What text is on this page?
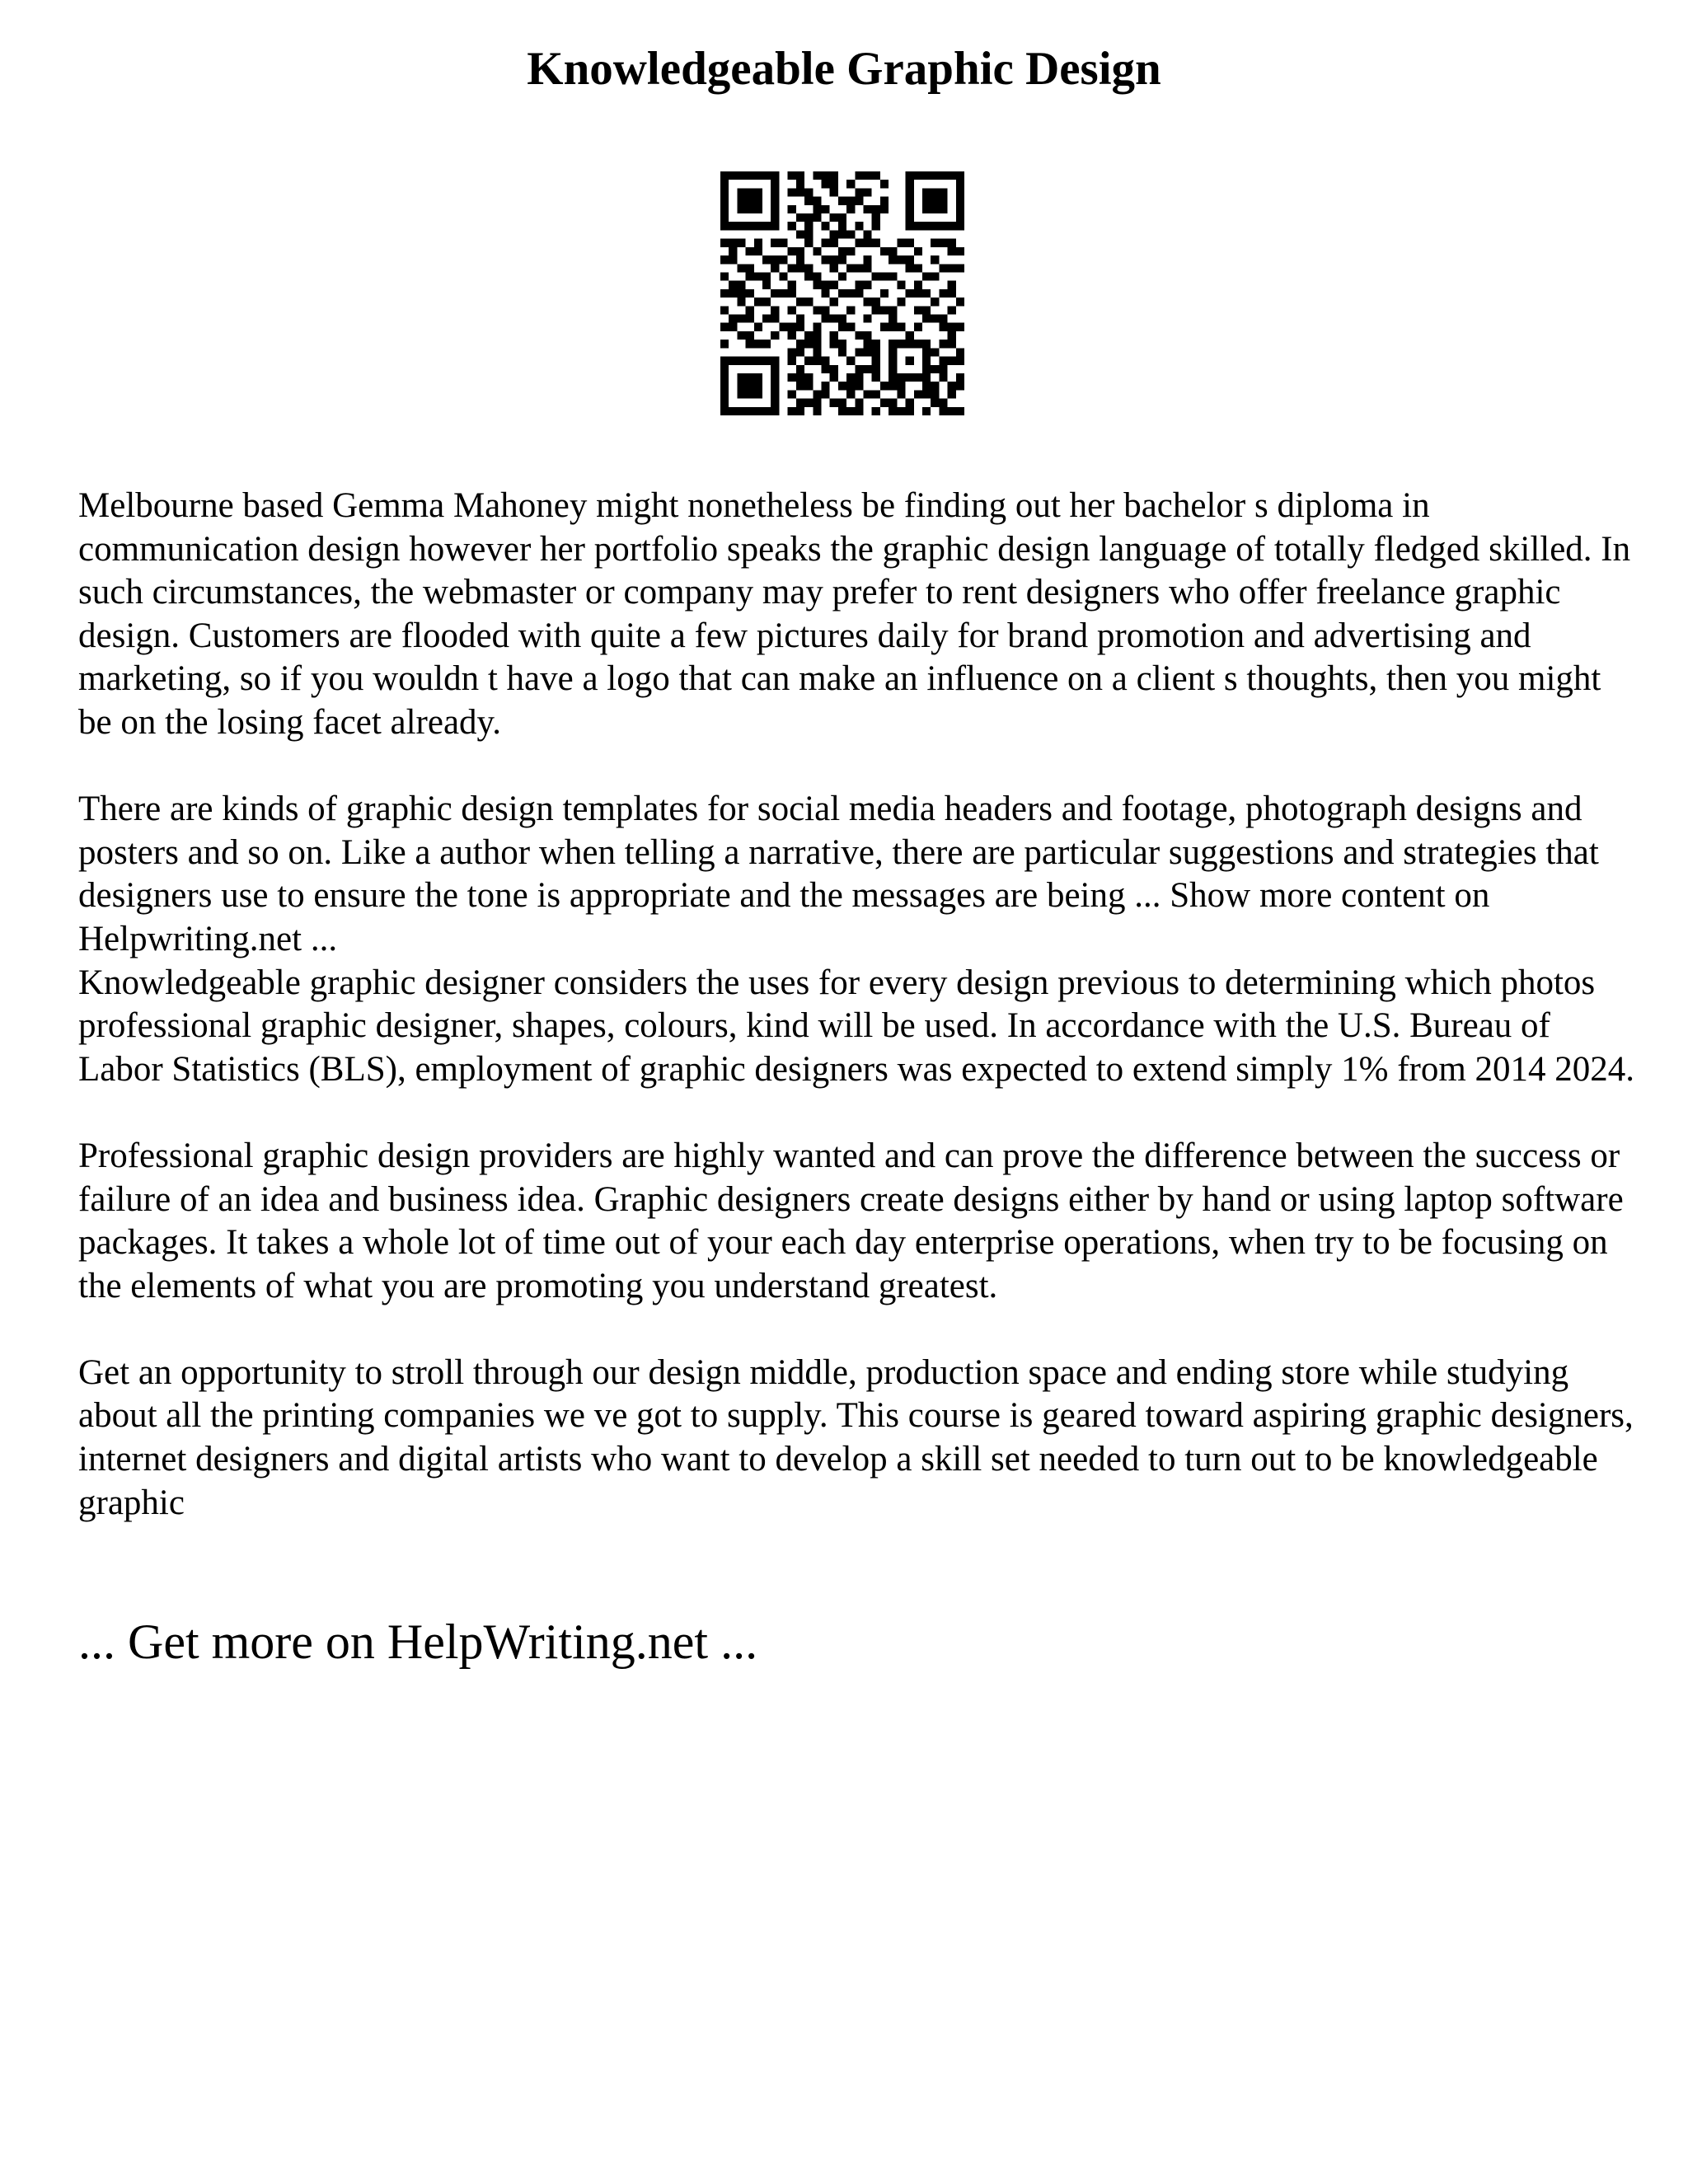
Knowledgeable Graphic Design

Melbourne based Gemma Mahoney might nonetheless be finding out her bachelor s diploma in communication design however her portfolio speaks the graphic design language of totally fledged skilled. In such circumstances, the webmaster or company may prefer to rent designers who offer freelance graphic design. Customers are flooded with quite a few pictures daily for brand promotion and advertising and marketing, so if you wouldn t have a logo that can make an influence on a client s thoughts, then you might be on the losing facet already.

There are kinds of graphic design templates for social media headers and footage, photograph designs and posters and so on. Like a author when telling a narrative, there are particular suggestions and strategies that designers use to ensure the tone is appropriate and the messages are being ... Show more content on Helpwriting.net ...

Knowledgeable graphic designer considers the uses for every design previous to determining which photos professional graphic designer, shapes, colours, kind will be used. In accordance with the U.S. Bureau of Labor Statistics (BLS), employment of graphic designers was expected to extend simply 1% from 2014 2024.

Professional graphic design providers are highly wanted and can prove the difference between the success or failure of an idea and business idea. Graphic designers create designs either by hand or using laptop software packages. It takes a whole lot of time out of your each day enterprise operations, when try to be focusing on the elements of what you are promoting you understand greatest.

Get an opportunity to stroll through our design middle, production space and ending store while studying about all the printing companies we ve got to supply. This course is geared toward aspiring graphic designers, internet designers and digital artists who want to develop a skill set needed to turn out to be knowledgeable graphic

... Get more on HelpWriting.net ...
